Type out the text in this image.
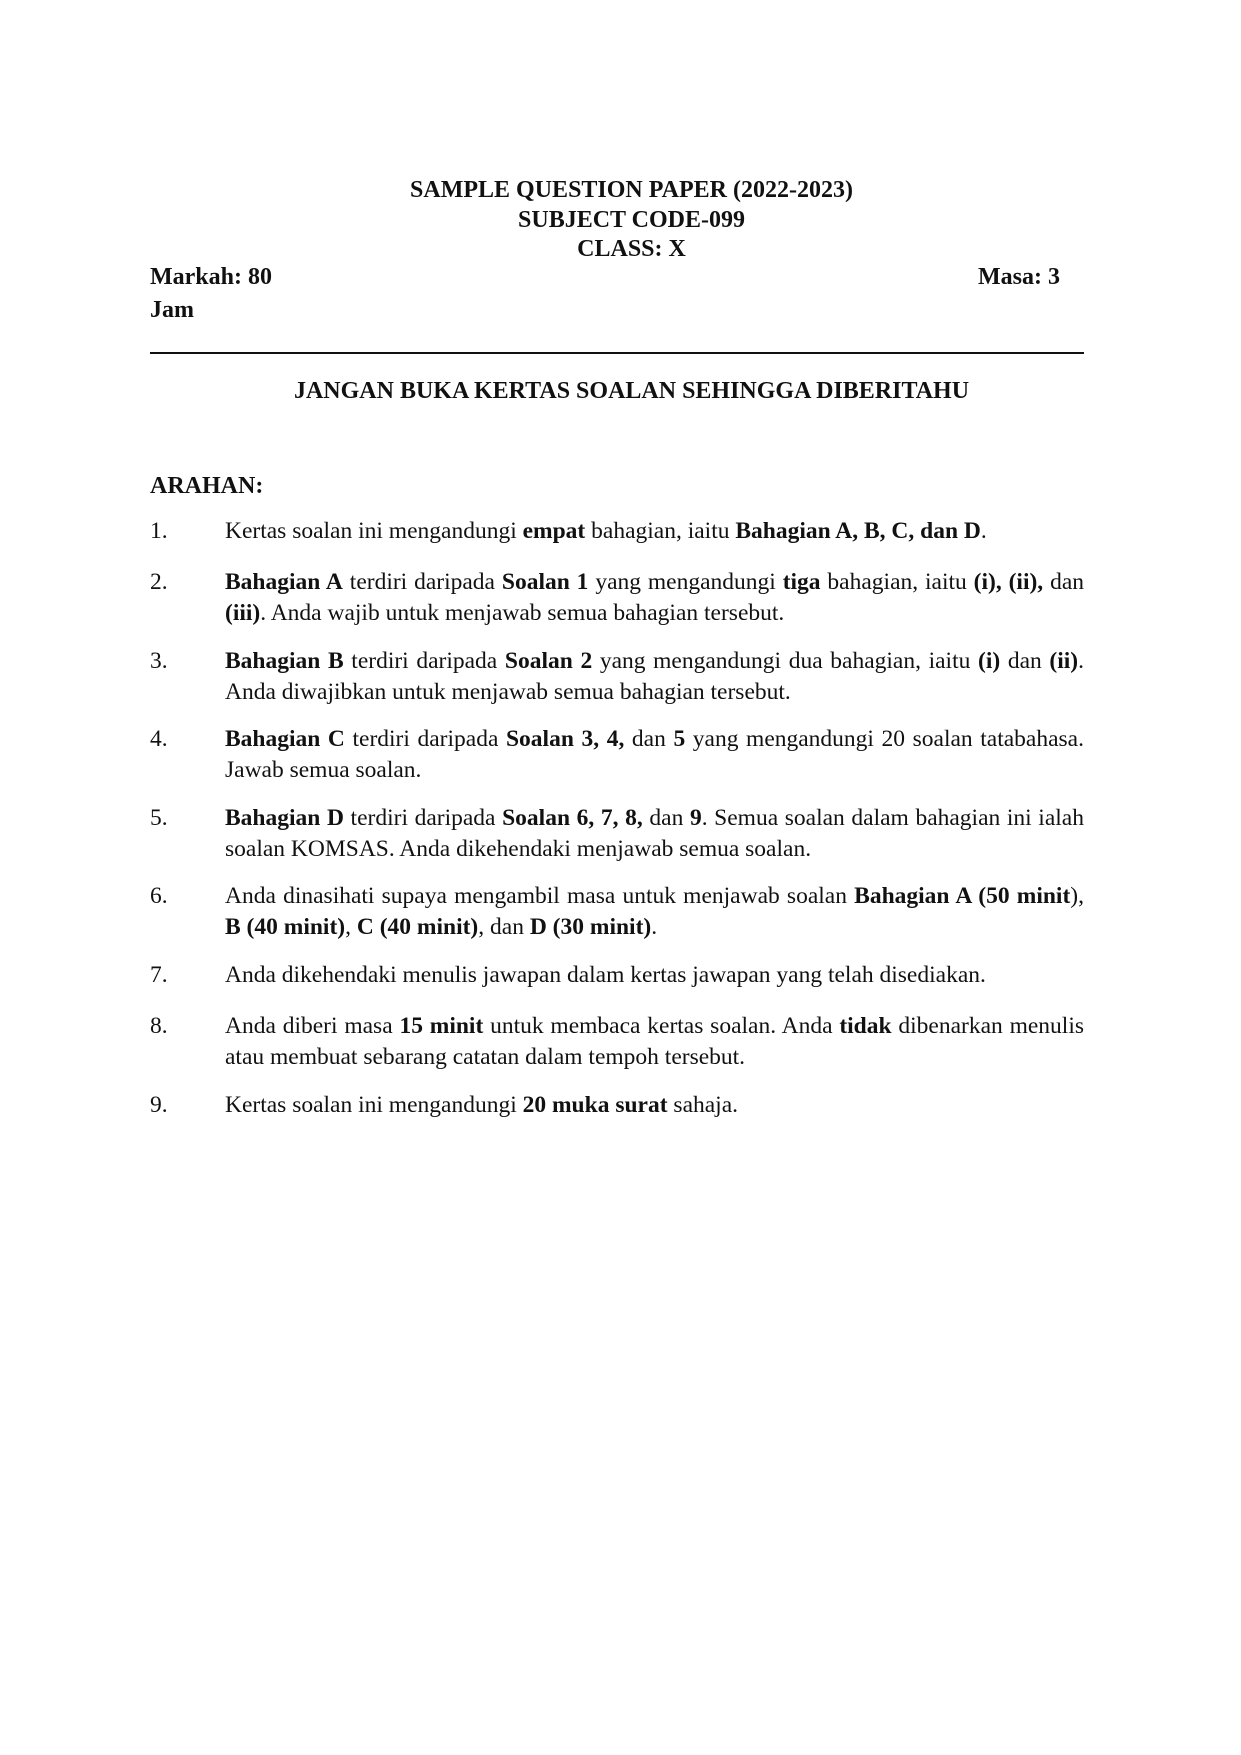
SAMPLE QUESTION PAPER (2022-2023)
SUBJECT CODE-099
CLASS: X
Markah: 80	Masa: 3
Jam
JANGAN BUKA KERTAS SOALAN SEHINGGA DIBERITAHU
ARAHAN:
1.	Kertas soalan ini mengandungi empat bahagian, iaitu Bahagian A, B, C, dan D.
2.	Bahagian A terdiri daripada Soalan 1 yang mengandungi tiga bahagian, iaitu (i), (ii), dan (iii). Anda wajib untuk menjawab semua bahagian tersebut.
3.	Bahagian B terdiri daripada Soalan 2 yang mengandungi dua bahagian, iaitu (i) dan (ii). Anda diwajibkan untuk menjawab semua bahagian tersebut.
4.	Bahagian C terdiri daripada Soalan 3, 4, dan 5 yang mengandungi 20 soalan tatabahasa. Jawab semua soalan.
5.	Bahagian D terdiri daripada Soalan 6, 7, 8, dan 9. Semua soalan dalam bahagian ini ialah soalan KOMSAS. Anda dikehendaki menjawab semua soalan.
6.	Anda dinasihati supaya mengambil masa untuk menjawab soalan Bahagian A (50 minit), B (40 minit), C (40 minit), dan D (30 minit).
7.	Anda dikehendaki menulis jawapan dalam kertas jawapan yang telah disediakan.
8.	Anda diberi masa 15 minit untuk membaca kertas soalan. Anda tidak dibenarkan menulis atau membuat sebarang catatan dalam tempoh tersebut.
9.	Kertas soalan ini mengandungi 20 muka surat sahaja.
